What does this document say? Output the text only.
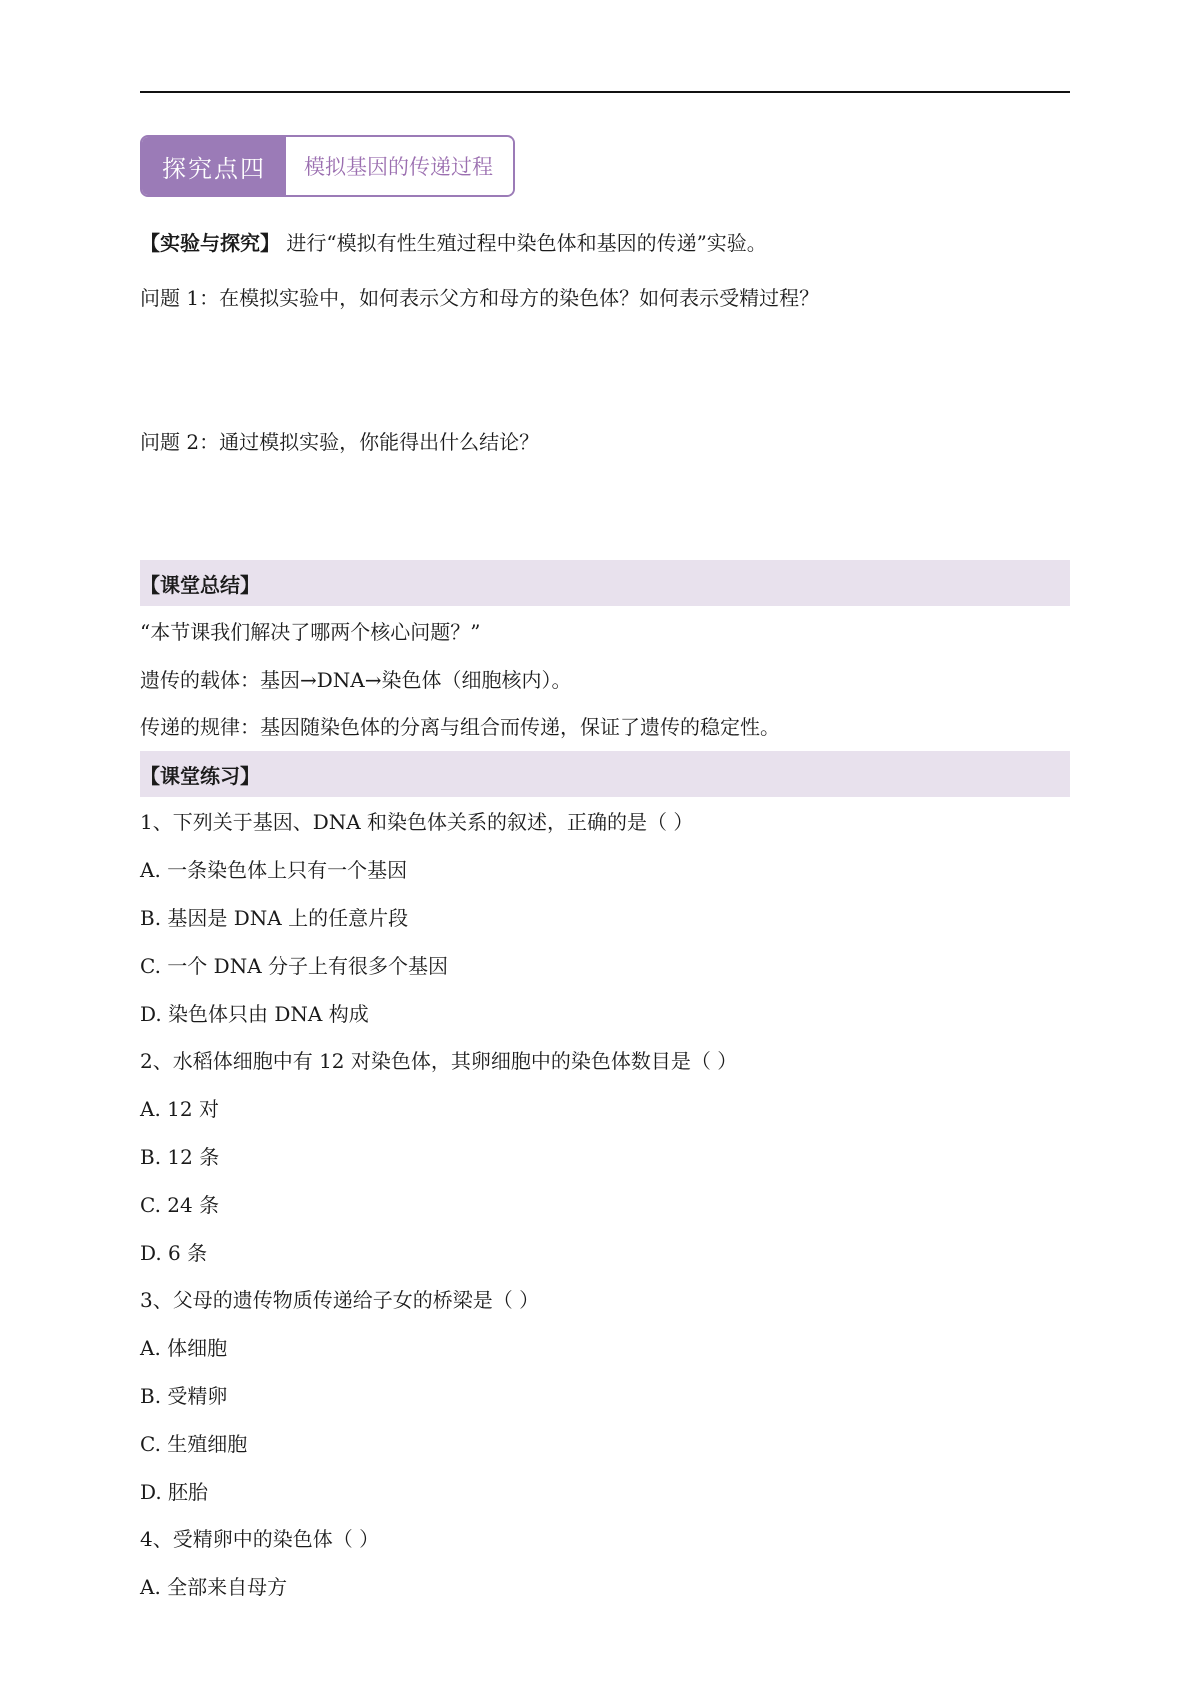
探究点四	模拟基因的传递过程
【实验与探究】 进行“模拟有性生殖过程中染色体和基因的传递”实验。
问题 1：在模拟实验中，如何表示父方和母方的染色体？如何表示受精过程？
问题 2：通过模拟实验，你能得出什么结论？
【课堂总结】
“本节课我们解决了哪两个核心问题？”
遗传的载体：基因→DNA→染色体（细胞核内）。
传递的规律：基因随染色体的分离与组合而传递，保证了遗传的稳定性。
【课堂练习】
1、下列关于基因、DNA 和染色体关系的叙述，正确的是（ ）
A. 一条染色体上只有一个基因
B. 基因是 DNA 上的任意片段
C. 一个 DNA 分子上有很多个基因
D. 染色体只由 DNA 构成
2、水稻体细胞中有 12 对染色体，其卵细胞中的染色体数目是（ ）
A. 12 对
B. 12 条
C. 24 条
D. 6 条
3、父母的遗传物质传递给子女的桥梁是（ ）
A. 体细胞
B. 受精卵
C. 生殖细胞
D. 胚胎
4、受精卵中的染色体（ ）
A. 全部来自母方
